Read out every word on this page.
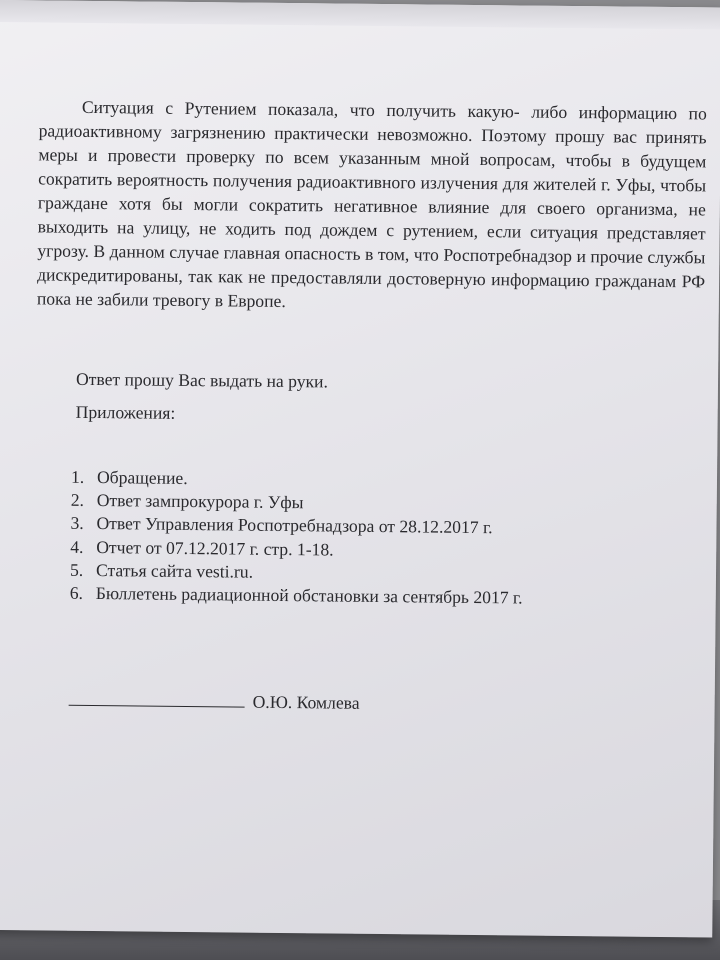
Ситуация с Рутением показала, что получить какую- либо информацию по радиоактивному загрязнению практически невозможно. Поэтому прошу вас принять меры и провести проверку по всем указанным мной вопросам, чтобы в будущем сократить вероятность получения радиоактивного излучения для жителей г. Уфы, чтобы граждане хотя бы могли сократить негативное влияние для своего организма, не выходить на улицу, не ходить под дождем с рутением, если ситуация представляет угрозу. В данном случае главная опасность в том, что Роспотребнадзор и прочие службы дискредитированы, так как не предоставляли достоверную информацию гражданам РФ пока не забили тревогу в Европе.

Ответ прошу Вас выдать на руки.

Приложения:

1. Обращение.
2. Ответ зампрокурора г. Уфы
3. Ответ Управления Роспотребнадзора от 28.12.2017 г.
4. Отчет от 07.12.2017 г. стр. 1-18.
5. Статья сайта vesti.ru.
6. Бюллетень радиационной обстановки за сентябрь 2017 г.
О.Ю. Комлева
